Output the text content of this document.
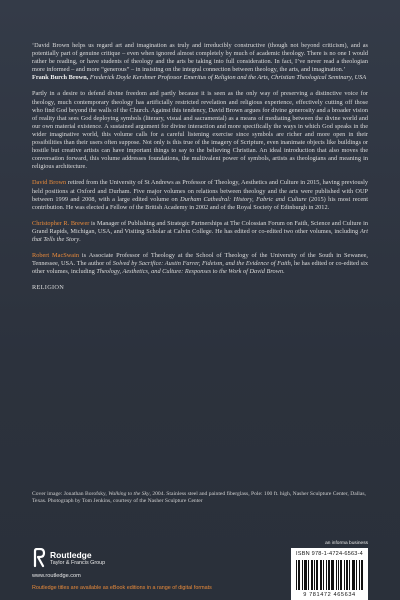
‘David Brown helps us regard art and imagination as truly and irreducibly constructive (though not beyond criticism), and as potentially part of genuine critique – even when ignored almost completely by much of academic theology. There is no one I would rather be reading, or have students of theology and the arts be taking into full consideration. In fact, I’ve never read a theologian more informed – and more “generous” – in insisting on the integral connection between theology, the arts, and imagination.’
Frank Burch Brown, Frederick Doyle Kershner Professor Emeritus of Religion and the Arts, Christian Theological Seminary, USA

Partly in a desire to defend divine freedom and partly because it is seen as the only way of preserving a distinctive voice for theology, much contemporary theology has artificially restricted revelation and religious experience, effectively cutting off those who find God beyond the walls of the Church. Against this tendency, David Brown argues for divine generosity and a broader vision of reality that sees God deploying symbols (literary, visual and sacramental) as a means of mediating between the divine world and our own material existence. A sustained argument for divine interaction and more specifically the ways in which God speaks in the wider imaginative world, this volume calls for a careful listening exercise since symbols are richer and more open in their possibilities than their users often suppose. Not only is this true of the imagery of Scripture, even inanimate objects like buildings or hostile but creative artists can have important things to say to the believing Christian. An ideal introduction that also moves the conversation forward, this volume addresses foundations, the multivalent power of symbols, artists as theologians and meaning in religious architecture.

David Brown retired from the University of St Andrews as Professor of Theology, Aesthetics and Culture in 2015, having previously held positions at Oxford and Durham. Five major volumes on relations between theology and the arts were published with OUP between 1999 and 2008, with a large edited volume on Durham Cathedral: History, Fabric and Culture (2015) his most recent contribution. He was elected a Fellow of the British Academy in 2002 and of the Royal Society of Edinburgh in 2012.

Christopher R. Brewer is Manager of Publishing and Strategic Partnerships at The Colossian Forum on Faith, Science and Culture in Grand Rapids, Michigan, USA, and Visiting Scholar at Calvin College. He has edited or co-edited two other volumes, including Art that Tells the Story.

Robert MacSwain is Associate Professor of Theology at the School of Theology of the University of the South in Sewanee, Tennessee, USA. The author of Solved by Sacrifice: Austin Farrer, Fideism, and the Evidence of Faith, he has edited or co-edited six other volumes, including Theology, Aesthetics, and Culture: Responses to the Work of David Brown.

RELIGION

Cover image: Jonathan Borofsky, Walking to the Sky, 2004. Stainless steel and painted fiberglass, Pole: 100 ft. high, Nasher Sculpture Center, Dallas, Texas. Photograph by Tom Jenkins, courtesy of the Nasher Sculpture Center
Routledge
Taylor & Francis Group
www.routledge.com
Routledge titles are available as eBook editions in a range of digital formats
an informa business
ISBN 978-1-4724-6563-4
9 781472 465634
